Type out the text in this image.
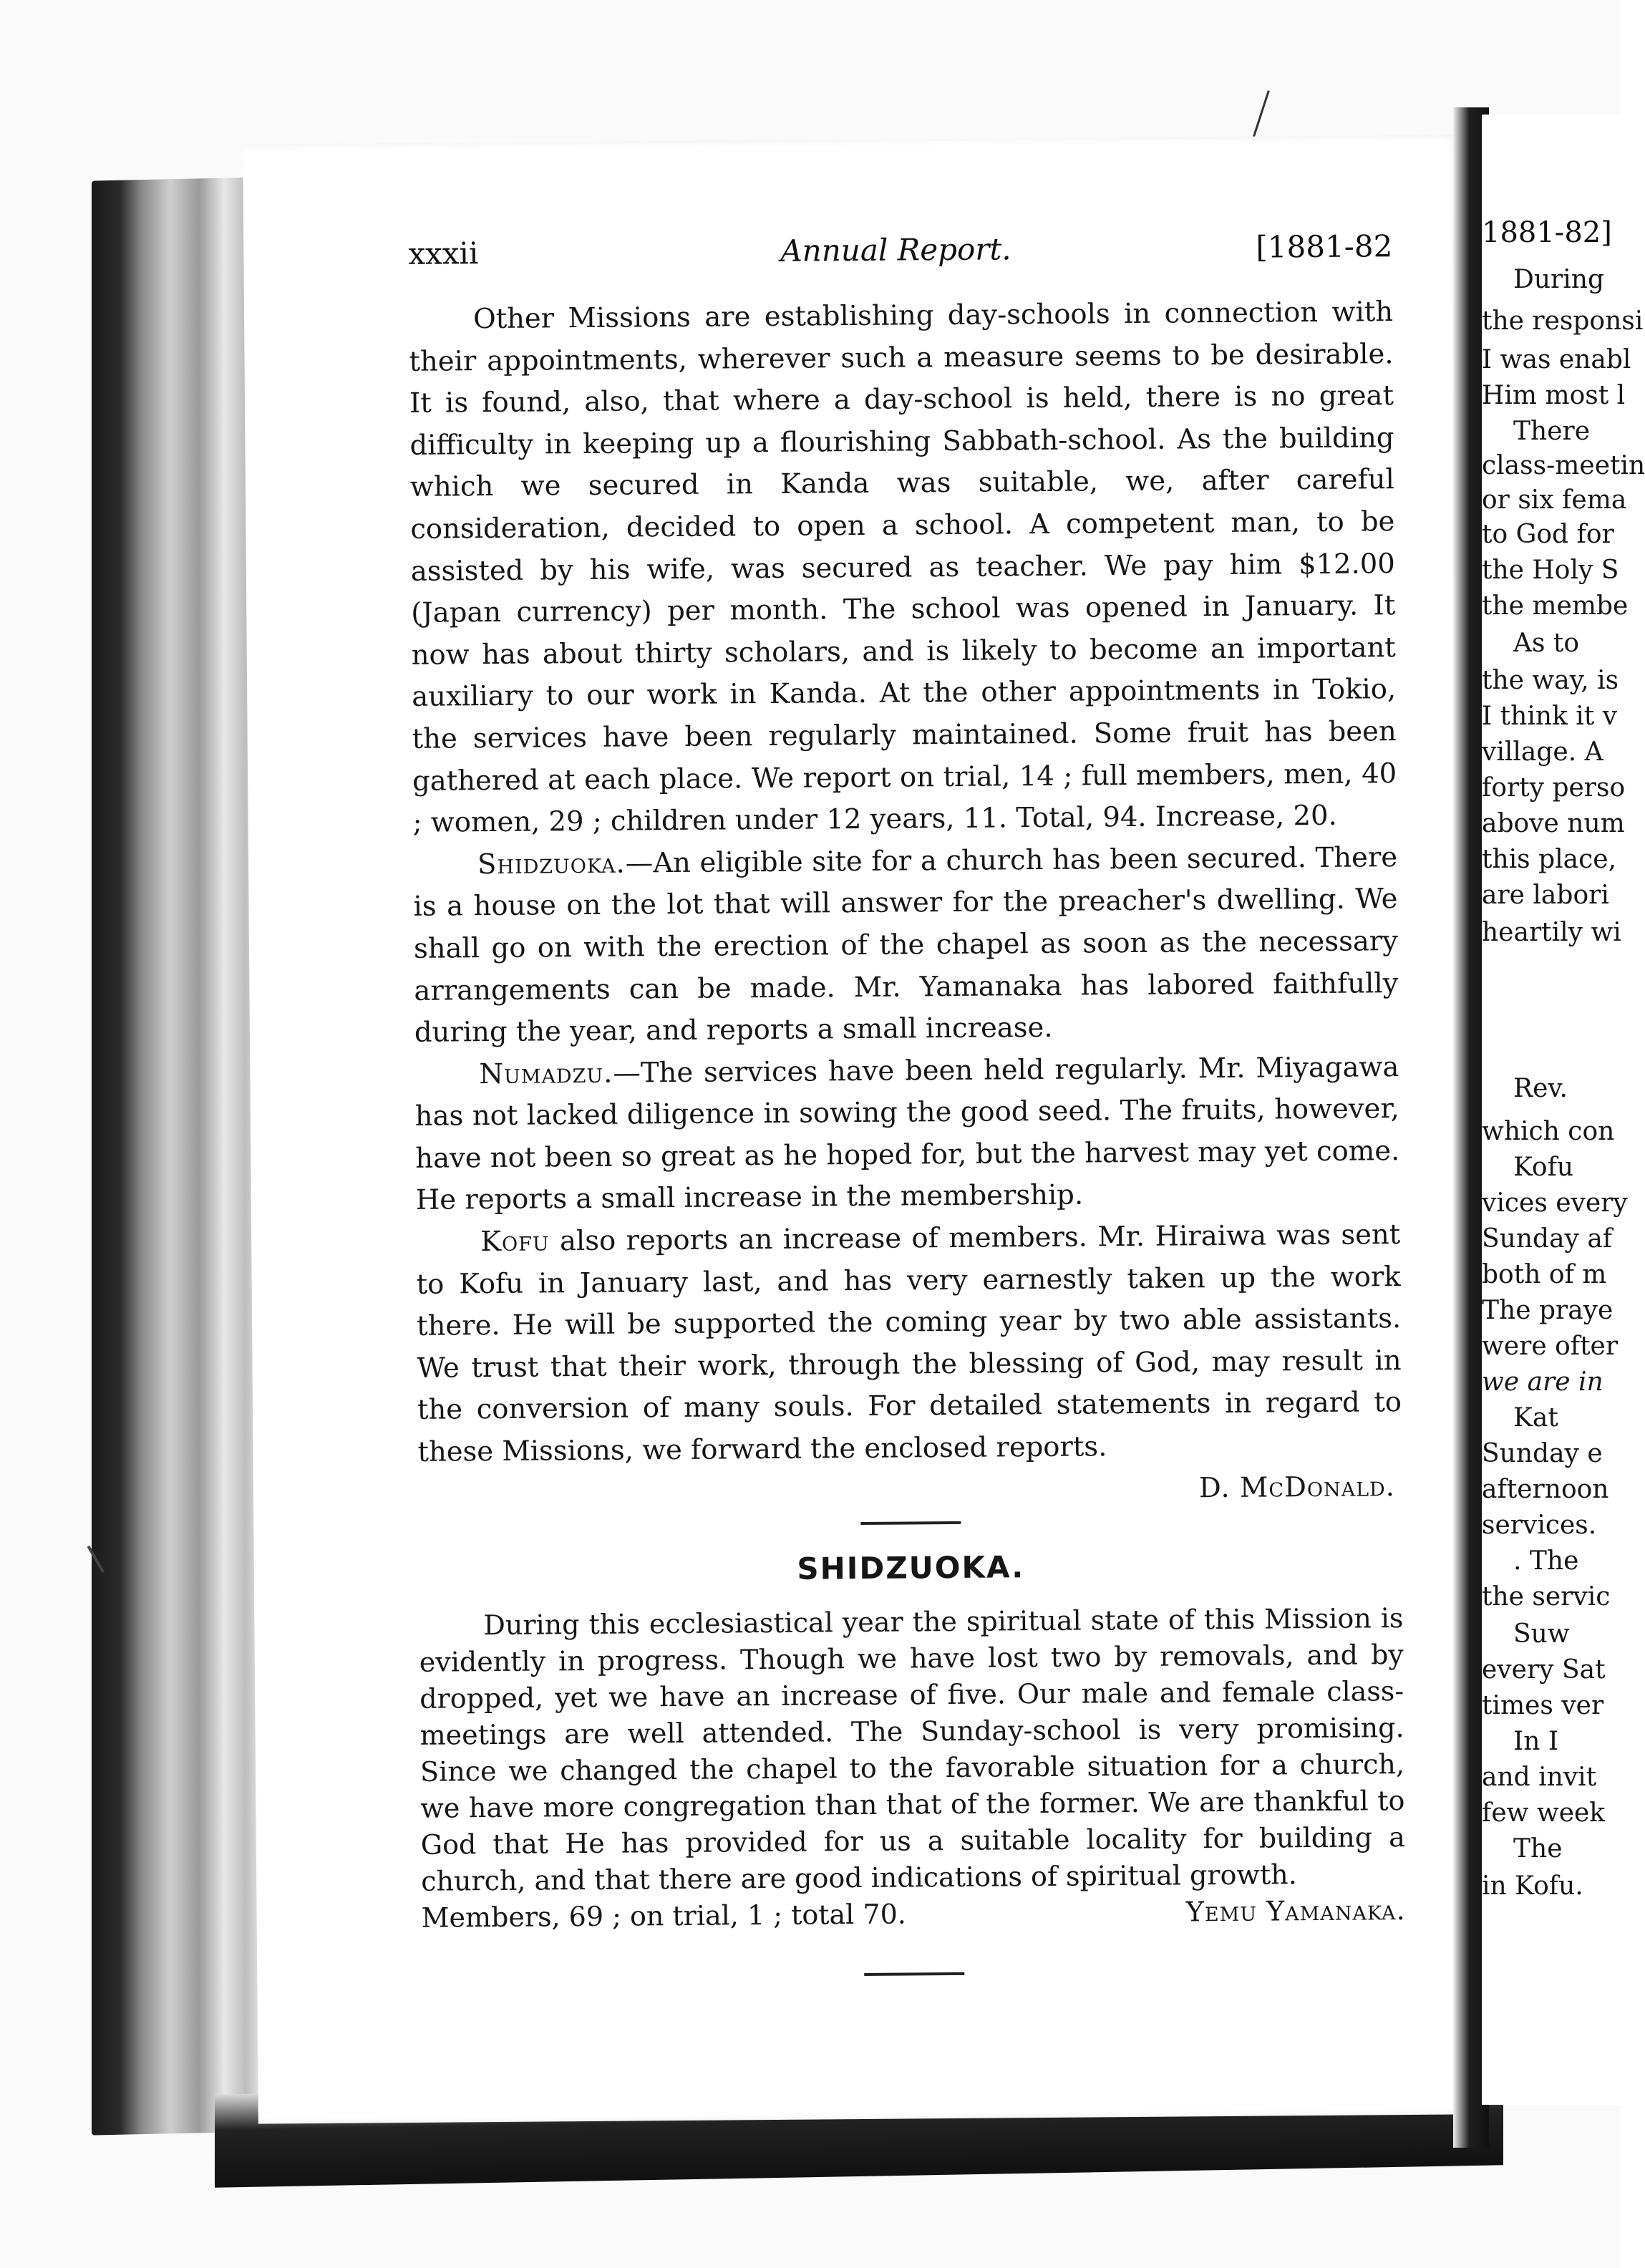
xxxii	Annual Report.	[1881-82

Other Missions are establishing day-schools in connection with their appointments, wherever such a measure seems to be desirable. It is found, also, that where a day-school is held, there is no great difficulty in keeping up a flourishing Sabbath-school. As the building which we secured in Kanda was suitable, we, after careful consideration, decided to open a school. A competent man, to be assisted by his wife, was secured as teacher. We pay him $12.00 (Japan currency) per month. The school was opened in January. It now has about thirty scholars, and is likely to become an important auxiliary to our work in Kanda. At the other appointments in Tokio, the services have been regularly maintained. Some fruit has been gathered at each place. We report on trial, 14 ; full members, men, 40 ; women, 29 ; children under 12 years, 11. Total, 94. Increase, 20.

Shidzuoka.—An eligible site for a church has been secured. There is a house on the lot that will answer for the preacher's dwelling. We shall go on with the erection of the chapel as soon as the necessary arrangements can be made. Mr. Yamanaka has labored faithfully during the year, and reports a small increase.

Numadzu.—The services have been held regularly. Mr. Miyagawa has not lacked diligence in sowing the good seed. The fruits, however, have not been so great as he hoped for, but the harvest may yet come. He reports a small increase in the membership.

Kofu also reports an increase of members. Mr. Hiraiwa was sent to Kofu in January last, and has very earnestly taken up the work there. He will be supported the coming year by two able assistants. We trust that their work, through the blessing of God, may result in the conversion of many souls. For detailed statements in regard to these Missions, we forward the enclosed reports.

D. McDonald.
SHIDZUOKA.

During this ecclesiastical year the spiritual state of this Mission is evidently in progress. Though we have lost two by removals, and by dropped, yet we have an increase of five. Our male and female class-meetings are well attended. The Sunday-school is very promising. Since we changed the chapel to the favorable situation for a church, we have more congregation than that of the former. We are thankful to God that He has provided for us a suitable locality for building a church, and that there are good indications of spiritual growth.

Members, 69 ; on trial, 1 ; total 70.	Yemu Yamanaka.
1881-82]
During
the responsi
I was enabl
Him most l
There
class-meetin
or six fema
to God for
the Holy S
the membe
As to
the way, is
I think it v
village. A
forty perso
above num
this place,
are labori
heartily wi
Rev.
which con
Kofu
vices every
Sunday af
both of m
The praye
were ofter
we are in
Kat
Sunday e
afternoon
services.
. The
the servic
Suw
every Sat
times ver
In I
and invit
few week
The
in Kofu.
